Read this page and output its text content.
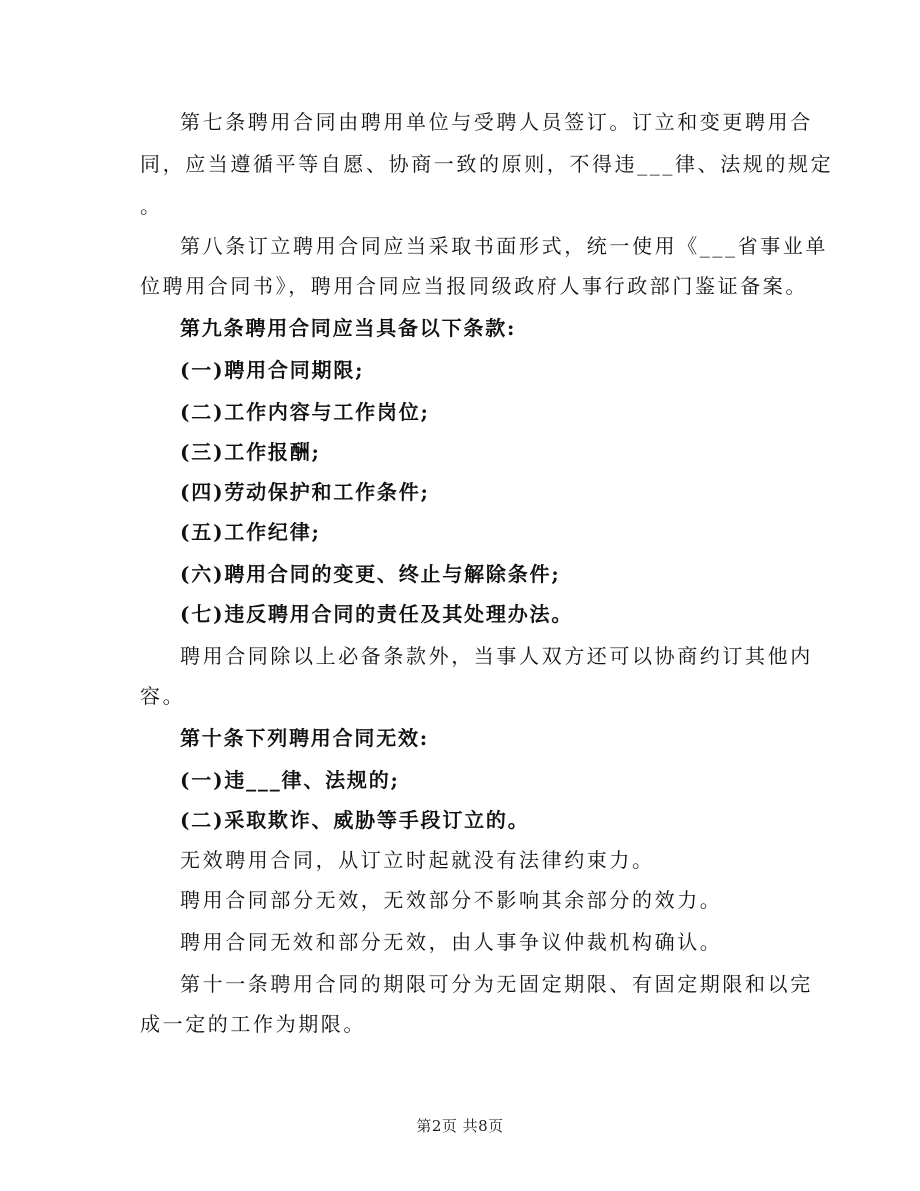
第七条聘用合同由聘用单位与受聘人员签订。订立和变更聘用合
同，应当遵循平等自愿、协商一致的原则，不得违___律、法规的规定
。
第八条订立聘用合同应当采取书面形式，统一使用《___省事业单
位聘用合同书》，聘用合同应当报同级政府人事行政部门鉴证备案。
第九条聘用合同应当具备以下条款:
(一)聘用合同期限;
(二)工作内容与工作岗位;
(三)工作报酬;
(四)劳动保护和工作条件;
(五)工作纪律;
(六)聘用合同的变更、终止与解除条件;
(七)违反聘用合同的责任及其处理办法。
聘用合同除以上必备条款外，当事人双方还可以协商约订其他内
容。
第十条下列聘用合同无效:
(一)违___律、法规的;
(二)采取欺诈、威胁等手段订立的。
无效聘用合同，从订立时起就没有法律约束力。
聘用合同部分无效，无效部分不影响其余部分的效力。
聘用合同无效和部分无效，由人事争议仲裁机构确认。
第十一条聘用合同的期限可分为无固定期限、有固定期限和以完
成一定的工作为期限。
第2页 共8页
